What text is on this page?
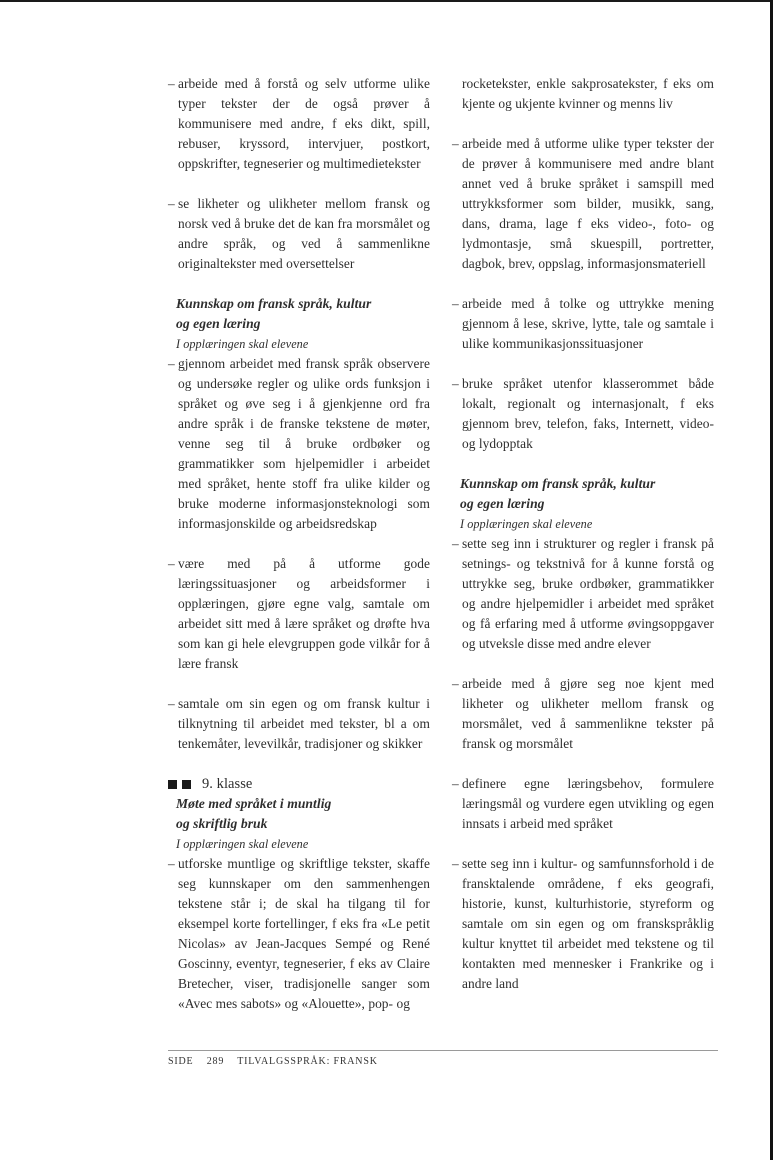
– arbeide med å forstå og selv utforme ulike typer tekster der de også prøver å kommunisere med andre, f eks dikt, spill, rebuser, kryssord, intervjuer, postkort, oppskrifter, tegneserier og multimedietekster
– se likheter og ulikheter mellom fransk og norsk ved å bruke det de kan fra morsmålet og andre språk, og ved å sammenlikne originaltekster med oversettelser
Kunnskap om fransk språk, kultur
og egen læring
I opplæringen skal elevene
– gjennom arbeidet med fransk språk observere og undersøke regler og ulike ords funksjon i språket og øve seg i å gjenkjenne ord fra andre språk i de franske tekstene de møter, venne seg til å bruke ordbøker og grammatikker som hjelpemidler i arbeidet med språket, hente stoff fra ulike kilder og bruke moderne informasjonsteknologi som informasjonskilde og arbeidsredskap
– være med på å utforme gode læringssituasjoner og arbeidsformer i opplæringen, gjøre egne valg, samtale om arbeidet sitt med å lære språket og drøfte hva som kan gi hele elevgruppen gode vilkår for å lære fransk
– samtale om sin egen og om fransk kultur i tilknytning til arbeidet med tekster, bl a om tenkemåter, levevilkår, tradisjoner og skikker
9. klasse
Møte med språket i muntlig
og skriftlig bruk
I opplæringen skal elevene
– utforske muntlige og skriftlige tekster, skaffe seg kunnskaper om den sammenhengen tekstene står i; de skal ha tilgang til for eksempel korte fortellinger, f eks fra «Le petit Nicolas» av Jean-Jacques Sempé og René Goscinny, eventyr, tegneserier, f eks av Claire Bretecher, viser, tradisjonelle sanger som «Avec mes sabots» og «Alouette», pop- og
rocketekster, enkle sakprosatekster, f eks om kjente og ukjente kvinner og menns liv
– arbeide med å utforme ulike typer tekster der de prøver å kommunisere med andre blant annet ved å bruke språket i samspill med uttrykksformer som bilder, musikk, sang, dans, drama, lage f eks video-, foto- og lydmontasje, små skuespill, portretter, dagbok, brev, oppslag, informasjonsmateriell
– arbeide med å tolke og uttrykke mening gjennom å lese, skrive, lytte, tale og samtale i ulike kommunikasjonssituasjoner
– bruke språket utenfor klasserommet både lokalt, regionalt og internasjonalt, f eks gjennom brev, telefon, faks, Internett, video- og lydopptak
Kunnskap om fransk språk, kultur
og egen læring
I opplæringen skal elevene
– sette seg inn i strukturer og regler i fransk på setnings- og tekstnivå for å kunne forstå og uttrykke seg, bruke ordbøker, grammatikker og andre hjelpemidler i arbeidet med språket og få erfaring med å utforme øvingsoppgaver og utveksle disse med andre elever
– arbeide med å gjøre seg noe kjent med likheter og ulikheter mellom fransk og morsmålet, ved å sammenlikne tekster på fransk og morsmålet
– definere egne læringsbehov, formulere læringsmål og vurdere egen utvikling og egen innsats i arbeid med språket
– sette seg inn i kultur- og samfunnsforhold i de fransktalende områdene, f eks geografi, historie, kunst, kulturhistorie, styreform og samtale om sin egen og om franskspråklig kultur knyttet til arbeidet med tekstene og til kontakten med mennesker i Frankrike og i andre land
SIDE 289 TILVALGSSPRÅK: FRANSK
